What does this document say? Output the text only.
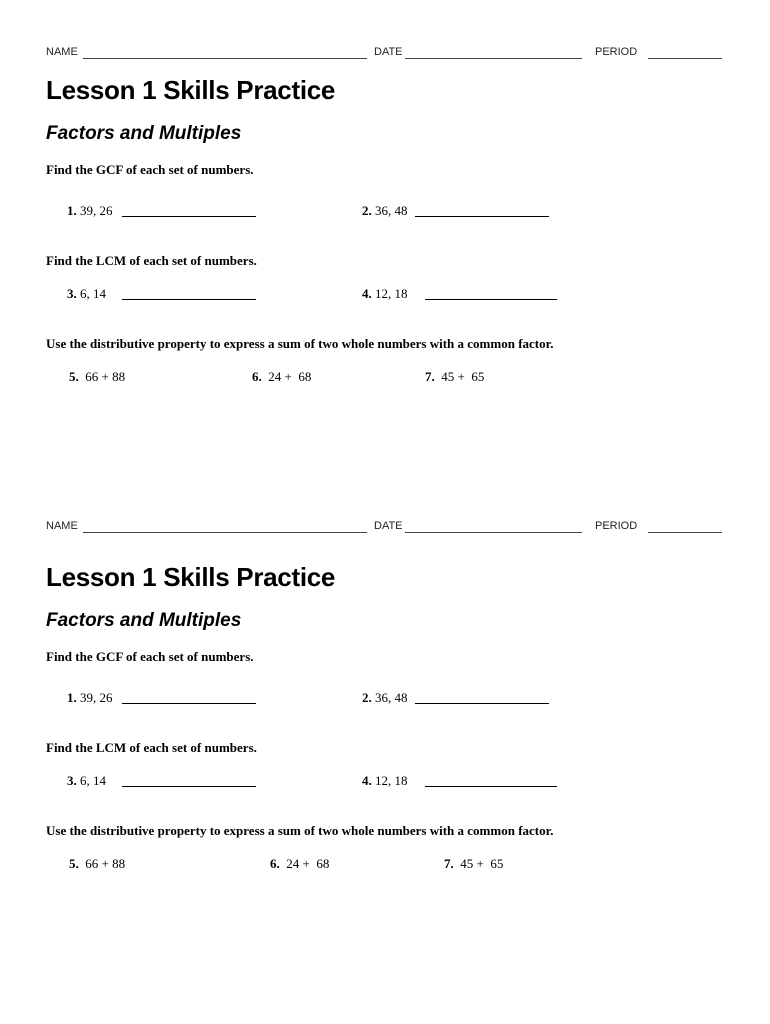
NAME	DATE	PERIOD
Lesson 1 Skills Practice
Factors and Multiples
Find the GCF of each set of numbers.
1. 39, 26	2. 36, 48
Find the LCM of each set of numbers.
3. 6, 14	4. 12, 18
Use the distributive property to express a sum of two whole numbers with a common factor.
5.  66 + 88	6.  24 +  68	7.  45 +  65
NAME	DATE	PERIOD
Lesson 1 Skills Practice
Factors and Multiples
Find the GCF of each set of numbers.
1. 39, 26	2. 36, 48
Find the LCM of each set of numbers.
3. 6, 14	4. 12, 18
Use the distributive property to express a sum of two whole numbers with a common factor.
5.  66 + 88	6.  24 +  68	7.  45 +  65
